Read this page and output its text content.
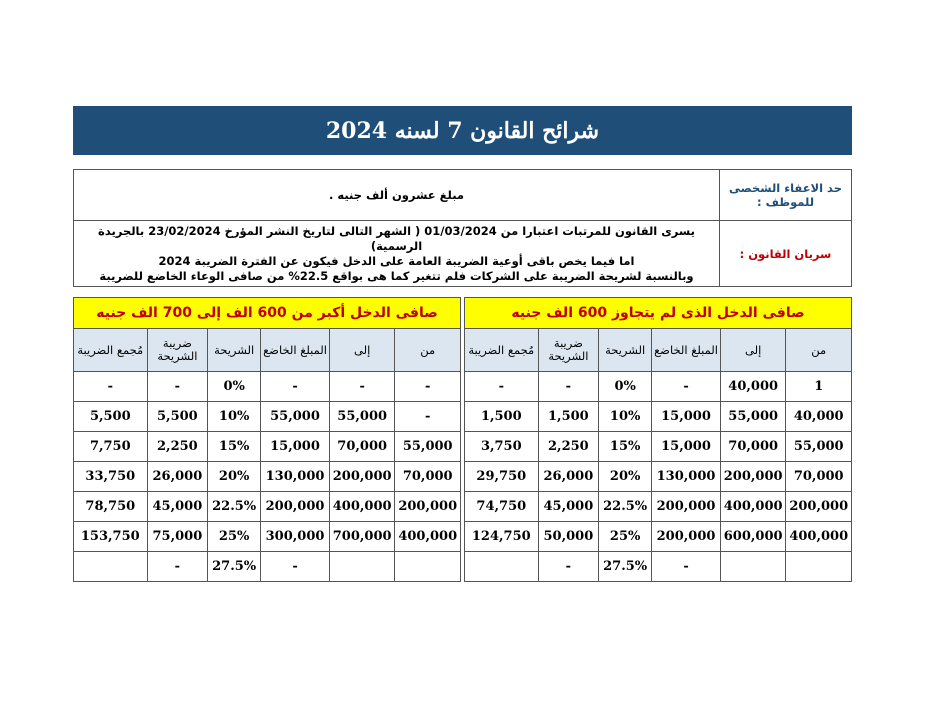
شرائح القانون 7 لسنه 2024
حد الاعفاء الشخصى للموظف :	مبلغ عشرون ألف جنيه .
سريان القانون :	يسرى القانون للمرتبات اعتبارا من 01/03/2024 ( الشهر التالى لتاريخ النشر المؤرخ 23/02/2024 بالجريدة الرسمية)
اما فيما يخص باقى أوعية الضريبة العامة على الدخل فيكون عن الفترة الضريبة 2024
وبالنسبة لشريحة الضريبة على الشركات فلم تتغير كما هى بواقع 22.5% من صافى الوعاء الخاضع للضريبة
صافى الدخل الذى لم يتجاوز 600 الف جنيه					
من	إلى	المبلغ الخاضع	الشريحة	ضريبة الشريحة	مُجمع الضريبة
1	40,000	-	0%	-	-
40,000	55,000	15,000	10%	1,500	1,500
55,000	70,000	15,000	15%	2,250	3,750
70,000	200,000	130,000	20%	26,000	29,750
200,000	400,000	200,000	22.5%	45,000	74,750
400,000	600,000	200,000	25%	50,000	124,750
		-	27.5%	-	
صافى الدخل أكبر من 600 الف إلى 700 الف جنيه					
من	إلى	المبلغ الخاضع	الشريحة	ضريبة الشريحة	مُجمع الضريبة
-	-	-	0%	-	-
-	55,000	55,000	10%	5,500	5,500
55,000	70,000	15,000	15%	2,250	7,750
70,000	200,000	130,000	20%	26,000	33,750
200,000	400,000	200,000	22.5%	45,000	78,750
400,000	700,000	300,000	25%	75,000	153,750
		-	27.5%	-	
